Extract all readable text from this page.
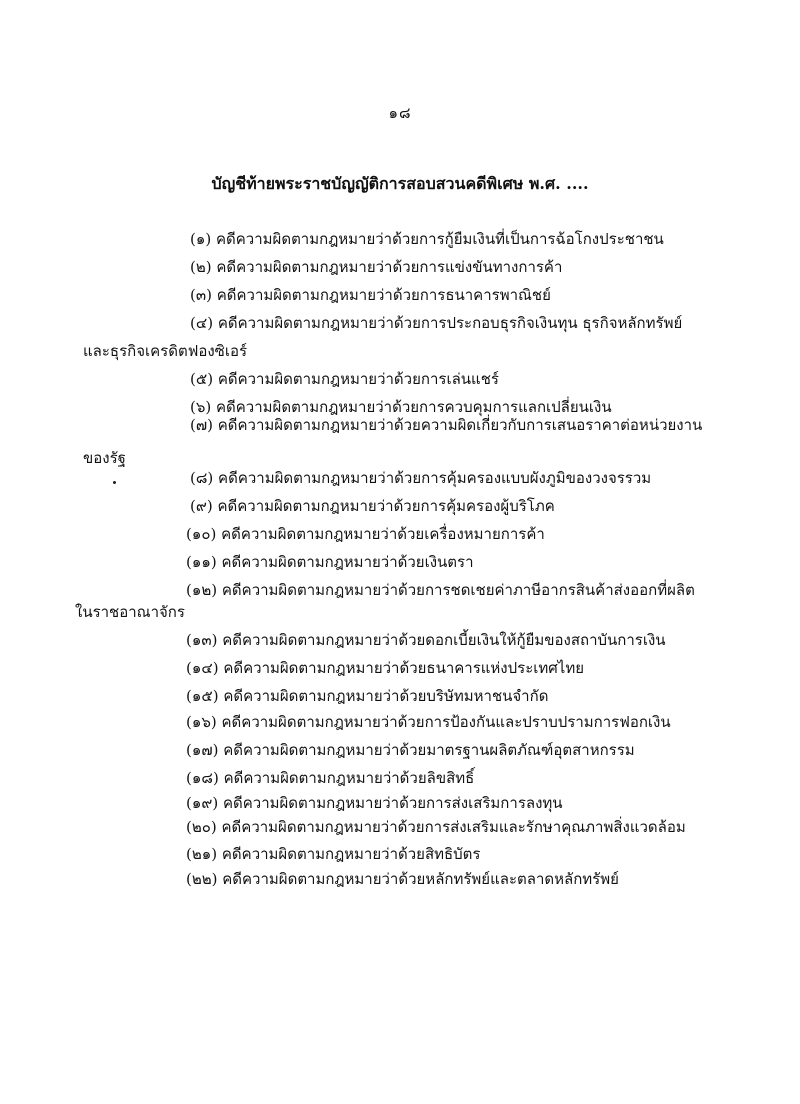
๑๘
บัญชีท้ายพระราชบัญญัติการสอบสวนคดีพิเศษ พ.ศ. ....
(๑) คดีความผิดตามกฎหมายว่าด้วยการกู้ยืมเงินที่เป็นการฉ้อโกงประชาชน
(๒) คดีความผิดตามกฎหมายว่าด้วยการแข่งขันทางการค้า
(๓) คดีความผิดตามกฎหมายว่าด้วยการธนาคารพาณิชย์
(๔) คดีความผิดตามกฎหมายว่าด้วยการประกอบธุรกิจเงินทุน ธุรกิจหลักทรัพย์
และธุรกิจเครดิตฟองซิเอร์
(๕) คดีความผิดตามกฎหมายว่าด้วยการเล่นแชร์
(๖) คดีความผิดตามกฎหมายว่าด้วยการควบคุมการแลกเปลี่ยนเงิน
(๗) คดีความผิดตามกฎหมายว่าด้วยความผิดเกี่ยวกับการเสนอราคาต่อหน่วยงาน
ของรัฐ
(๘) คดีความผิดตามกฎหมายว่าด้วยการคุ้มครองแบบผังภูมิของวงจรรวม
(๙) คดีความผิดตามกฎหมายว่าด้วยการคุ้มครองผู้บริโภค
(๑๐) คดีความผิดตามกฎหมายว่าด้วยเครื่องหมายการค้า
(๑๑) คดีความผิดตามกฎหมายว่าด้วยเงินตรา
(๑๒) คดีความผิดตามกฎหมายว่าด้วยการชดเชยค่าภาษีอากรสินค้าส่งออกที่ผลิต
ในราชอาณาจักร
(๑๓) คดีความผิดตามกฎหมายว่าด้วยดอกเบี้ยเงินให้กู้ยืมของสถาบันการเงิน
(๑๔) คดีความผิดตามกฎหมายว่าด้วยธนาคารแห่งประเทศไทย
(๑๕) คดีความผิดตามกฎหมายว่าด้วยบริษัทมหาชนจำกัด
(๑๖) คดีความผิดตามกฎหมายว่าด้วยการป้องกันและปราบปรามการฟอกเงิน
(๑๗) คดีความผิดตามกฎหมายว่าด้วยมาตรฐานผลิตภัณฑ์อุตสาหกรรม
(๑๘) คดีความผิดตามกฎหมายว่าด้วยลิขสิทธิ์
(๑๙) คดีความผิดตามกฎหมายว่าด้วยการส่งเสริมการลงทุน
(๒๐) คดีความผิดตามกฎหมายว่าด้วยการส่งเสริมและรักษาคุณภาพสิ่งแวดล้อม
(๒๑) คดีความผิดตามกฎหมายว่าด้วยสิทธิบัตร
(๒๒) คดีความผิดตามกฎหมายว่าด้วยหลักทรัพย์และตลาดหลักทรัพย์
